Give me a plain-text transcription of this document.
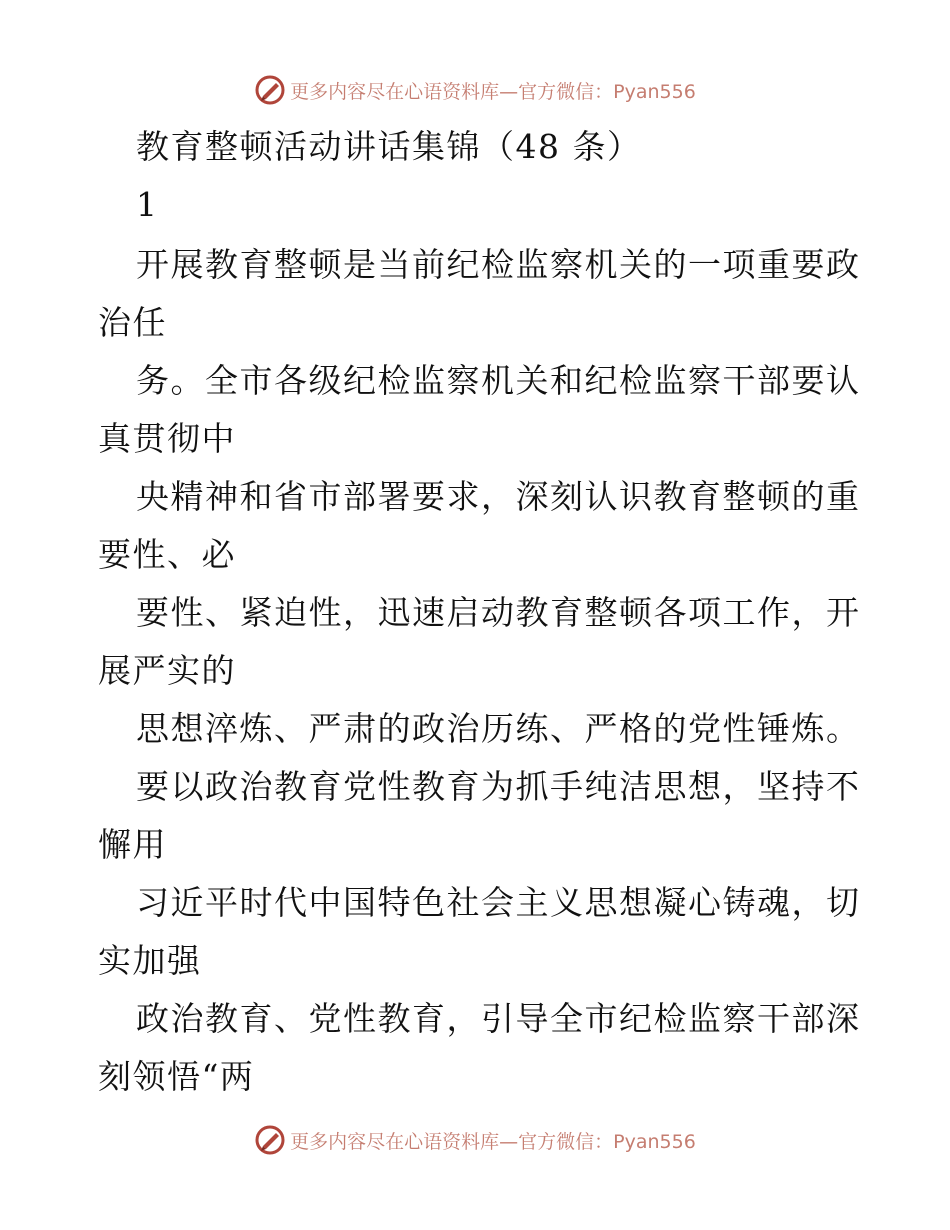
更多内容尽在心语资料库—官方微信：Pyan556
教育整顿活动讲话集锦（48 条）
1
开展教育整顿是当前纪检监察机关的一项重要政
治任
务。全市各级纪检监察机关和纪检监察干部要认
真贯彻中
央精神和省市部署要求，深刻认识教育整顿的重
要性、必
要性、紧迫性，迅速启动教育整顿各项工作，开
展严实的
思想淬炼、严肃的政治历练、严格的党性锤炼。
要以政治教育党性教育为抓手纯洁思想，坚持不
懈用
习近平时代中国特色社会主义思想凝心铸魂，切
实加强
政治教育、党性教育，引导全市纪检监察干部深
刻领悟“两
更多内容尽在心语资料库—官方微信：Pyan556
